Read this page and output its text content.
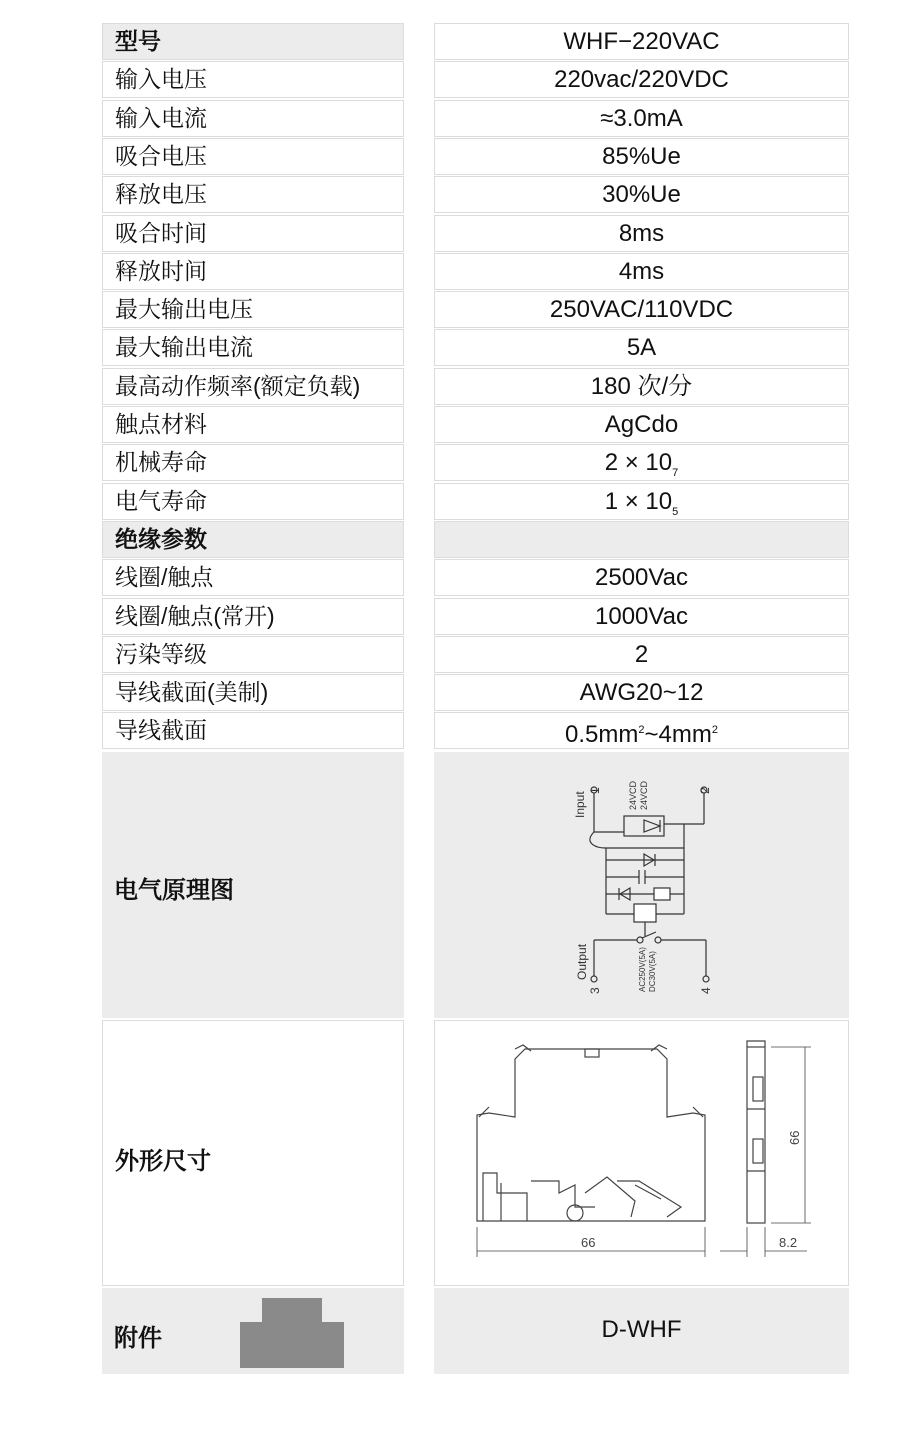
型号	WHF−220VAC
输入电压	220vac/220VDC
输入电流	≈3.0mA
吸合电压	85%Ue
释放电压	30%Ue
吸合时间	8ms
释放时间	4ms
最大输出电压	250VAC/110VDC
最大输出电流	5A
最高动作频率(额定负载)	180 次/分
触点材料	AgCdo
机械寿命	$2 \times 10_7$
电气寿命	$1 \times 10_5$
绝缘参数
线圈/触点	2500Vac
线圈/触点(常开)	1000Vac
污染等级	2
导线截面(美制)	AWG20~12
导线截面	$0.5mm^2\sim 4mm^2$
电气原理图
Input
1	2
24VCD 24VCD
Output
3	4
AC250V(5A) DC30V(5A)
外形尺寸
66
66
8.2
附件	D-WHF
